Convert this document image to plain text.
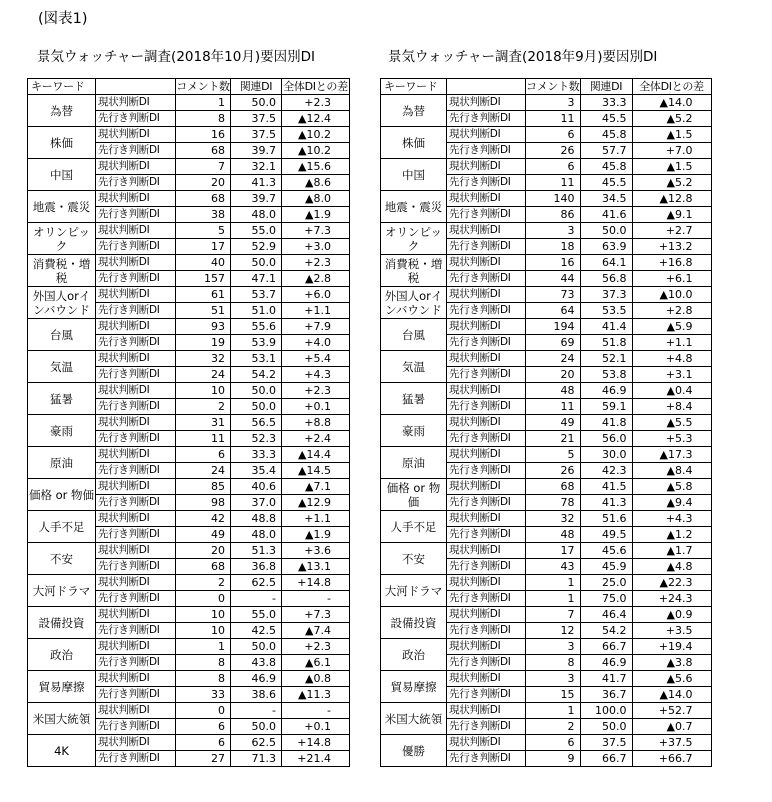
(図表1)
景気ウォッチャー調査(2018年10月)要因別DI	景気ウォッチャー調査(2018年9月)要因別DI
キーワード		コメント数	関連DI	全体DIとの差
為替	現状判断DI	1	50.0	+2.3
	先行き判断DI	8	37.5	▲12.4
株価	現状判断DI	16	37.5	▲10.2
	先行き判断DI	68	39.7	▲10.2
中国	現状判断DI	7	32.1	▲15.6
	先行き判断DI	20	41.3	▲8.6
地震・震災	現状判断DI	68	39.7	▲8.0
	先行き判断DI	38	48.0	▲1.9
オリンピック	現状判断DI	5	55.0	+7.3
	先行き判断DI	17	52.9	+3.0
消費税・増税	現状判断DI	40	50.0	+2.3
	先行き判断DI	157	47.1	▲2.8
外国人orインバウンド	現状判断DI	61	53.7	+6.0
	先行き判断DI	51	51.0	+1.1
台風	現状判断DI	93	55.6	+7.9
	先行き判断DI	19	53.9	+4.0
気温	現状判断DI	32	53.1	+5.4
	先行き判断DI	24	54.2	+4.3
猛暑	現状判断DI	10	50.0	+2.3
	先行き判断DI	2	50.0	+0.1
豪雨	現状判断DI	31	56.5	+8.8
	先行き判断DI	11	52.3	+2.4
原油	現状判断DI	6	33.3	▲14.4
	先行き判断DI	24	35.4	▲14.5
価格 or 物価	現状判断DI	85	40.6	▲7.1
	先行き判断DI	98	37.0	▲12.9
人手不足	現状判断DI	42	48.8	+1.1
	先行き判断DI	49	48.0	▲1.9
不安	現状判断DI	20	51.3	+3.6
	先行き判断DI	68	36.8	▲13.1
大河ドラマ	現状判断DI	2	62.5	+14.8
	先行き判断DI	0	-	-
設備投資	現状判断DI	10	55.0	+7.3
	先行き判断DI	10	42.5	▲7.4
政治	現状判断DI	1	50.0	+2.3
	先行き判断DI	8	43.8	▲6.1
貿易摩擦	現状判断DI	8	46.9	▲0.8
	先行き判断DI	33	38.6	▲11.3
米国大統領	現状判断DI	0	-	-
	先行き判断DI	6	50.0	+0.1
4K	現状判断DI	6	62.5	+14.8
	先行き判断DI	27	71.3	+21.4
キーワード		コメント数	関連DI	全体DIとの差
為替	現状判断DI	3	33.3	▲14.0
	先行き判断DI	11	45.5	▲5.2
株価	現状判断DI	6	45.8	▲1.5
	先行き判断DI	26	57.7	+7.0
中国	現状判断DI	6	45.8	▲1.5
	先行き判断DI	11	45.5	▲5.2
地震・震災	現状判断DI	140	34.5	▲12.8
	先行き判断DI	86	41.6	▲9.1
オリンピック	現状判断DI	3	50.0	+2.7
	先行き判断DI	18	63.9	+13.2
消費税・増税	現状判断DI	16	64.1	+16.8
	先行き判断DI	44	56.8	+6.1
外国人orインバウンド	現状判断DI	73	37.3	▲10.0
	先行き判断DI	64	53.5	+2.8
台風	現状判断DI	194	41.4	▲5.9
	先行き判断DI	69	51.8	+1.1
気温	現状判断DI	24	52.1	+4.8
	先行き判断DI	20	53.8	+3.1
猛暑	現状判断DI	48	46.9	▲0.4
	先行き判断DI	11	59.1	+8.4
豪雨	現状判断DI	49	41.8	▲5.5
	先行き判断DI	21	56.0	+5.3
原油	現状判断DI	5	30.0	▲17.3
	先行き判断DI	26	42.3	▲8.4
価格 or 物価	現状判断DI	68	41.5	▲5.8
	先行き判断DI	78	41.3	▲9.4
人手不足	現状判断DI	32	51.6	+4.3
	先行き判断DI	48	49.5	▲1.2
不安	現状判断DI	17	45.6	▲1.7
	先行き判断DI	43	45.9	▲4.8
大河ドラマ	現状判断DI	1	25.0	▲22.3
	先行き判断DI	1	75.0	+24.3
設備投資	現状判断DI	7	46.4	▲0.9
	先行き判断DI	12	54.2	+3.5
政治	現状判断DI	3	66.7	+19.4
	先行き判断DI	8	46.9	▲3.8
貿易摩擦	現状判断DI	3	41.7	▲5.6
	先行き判断DI	15	36.7	▲14.0
米国大統領	現状判断DI	1	100.0	+52.7
	先行き判断DI	2	50.0	▲0.7
優勝	現状判断DI	6	37.5	+37.5
	先行き判断DI	9	66.7	+66.7
